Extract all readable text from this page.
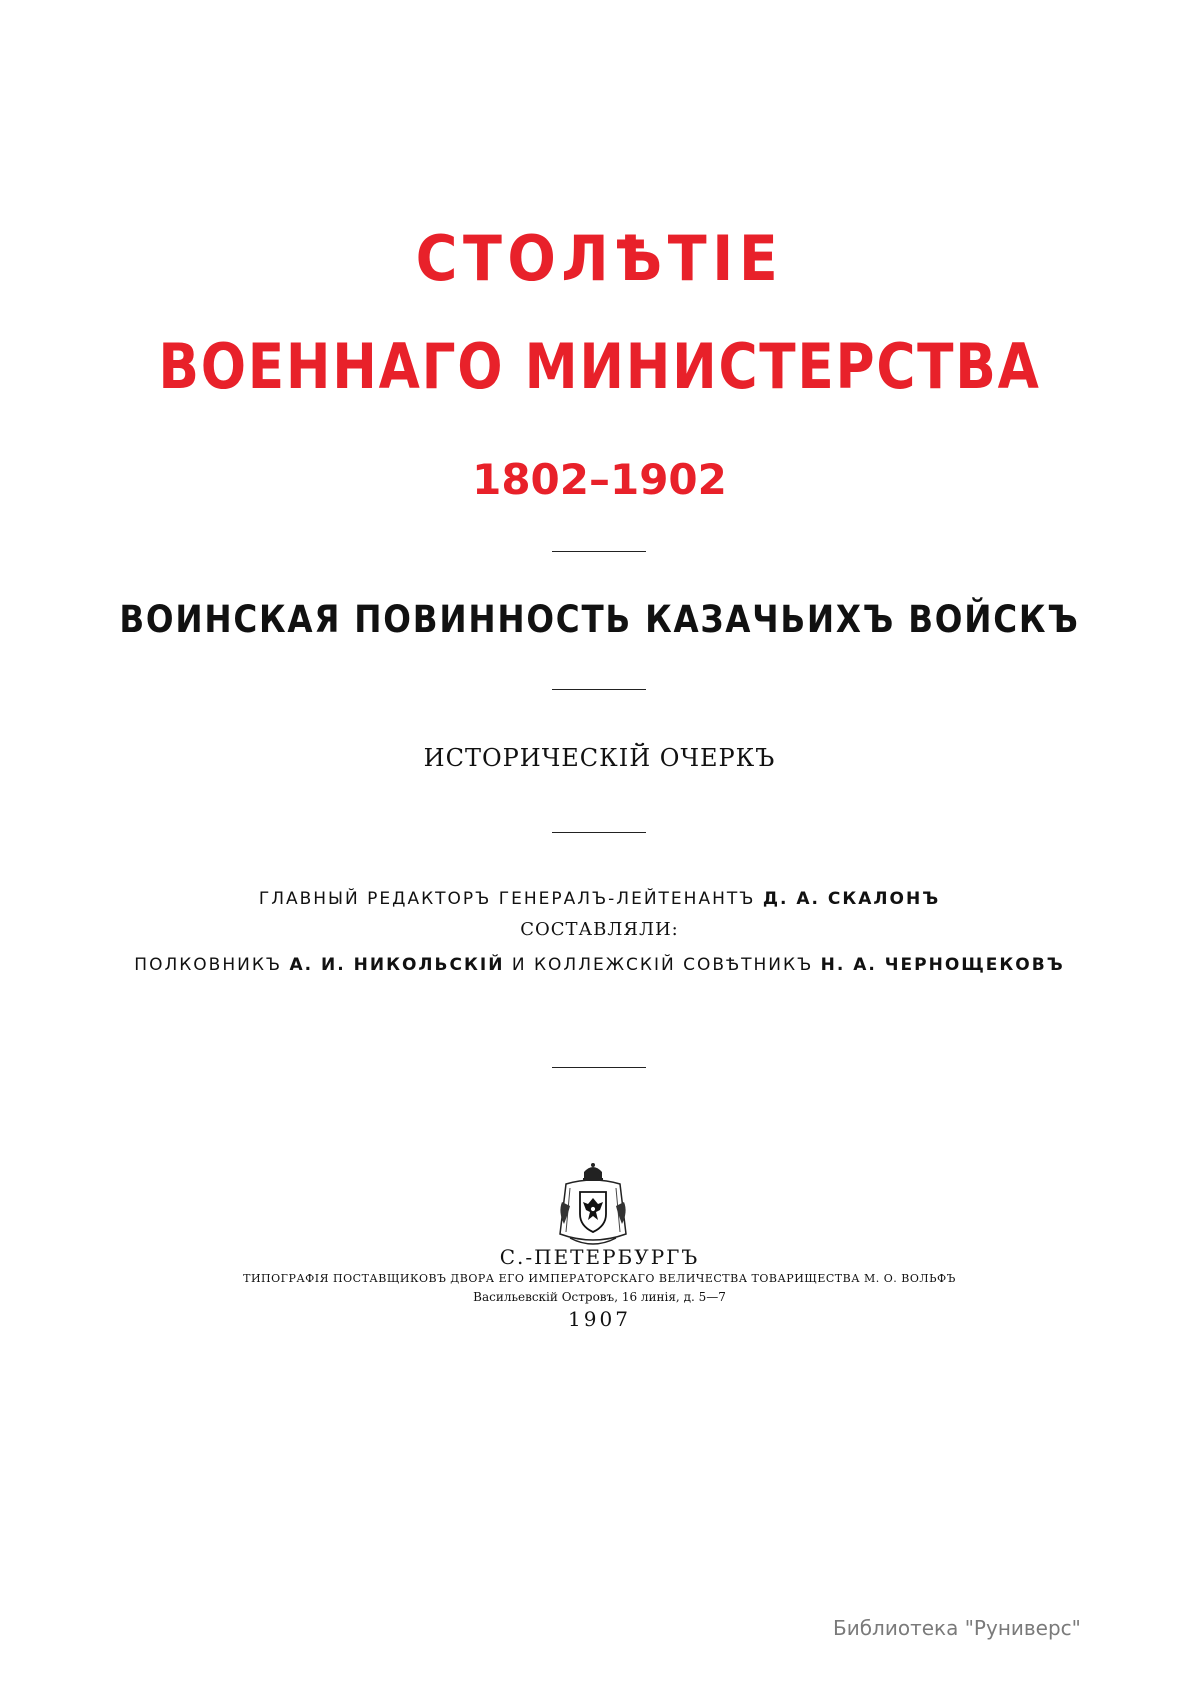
СТОЛѢТІЕ
ВОЕННАГО МИНИСТЕРСТВА
1802–1902
ВОИНСКАЯ ПОВИННОСТЬ КАЗАЧЬИХЪ ВОЙСКЪ
ИСТОРИЧЕСКІЙ ОЧЕРКЪ
ГЛАВНЫЙ РЕДАКТОРЪ ГЕНЕРАЛЪ-ЛЕЙТЕНАНТЪ Д. А. СКАЛОНЪ
СОСТАВЛЯЛИ:
ПОЛКОВНИКЪ А. И. НИКОЛЬСКІЙ И КОЛЛЕЖСКІЙ СОВѢТНИКЪ Н. А. ЧЕРНОЩЕКОВЪ
С.-ПЕТЕРБУРГЪ
ТИПОГРАФІЯ ПОСТАВЩИКОВЪ ДВОРА ЕГО ИМПЕРАТОРСКАГО ВЕЛИЧЕСТВА ТОВАРИЩЕСТВА М. О. ВОЛЬФЪ
Васильевскій Островъ, 16 линія, д. 5—7
1907
Библиотека "Руниверс"
